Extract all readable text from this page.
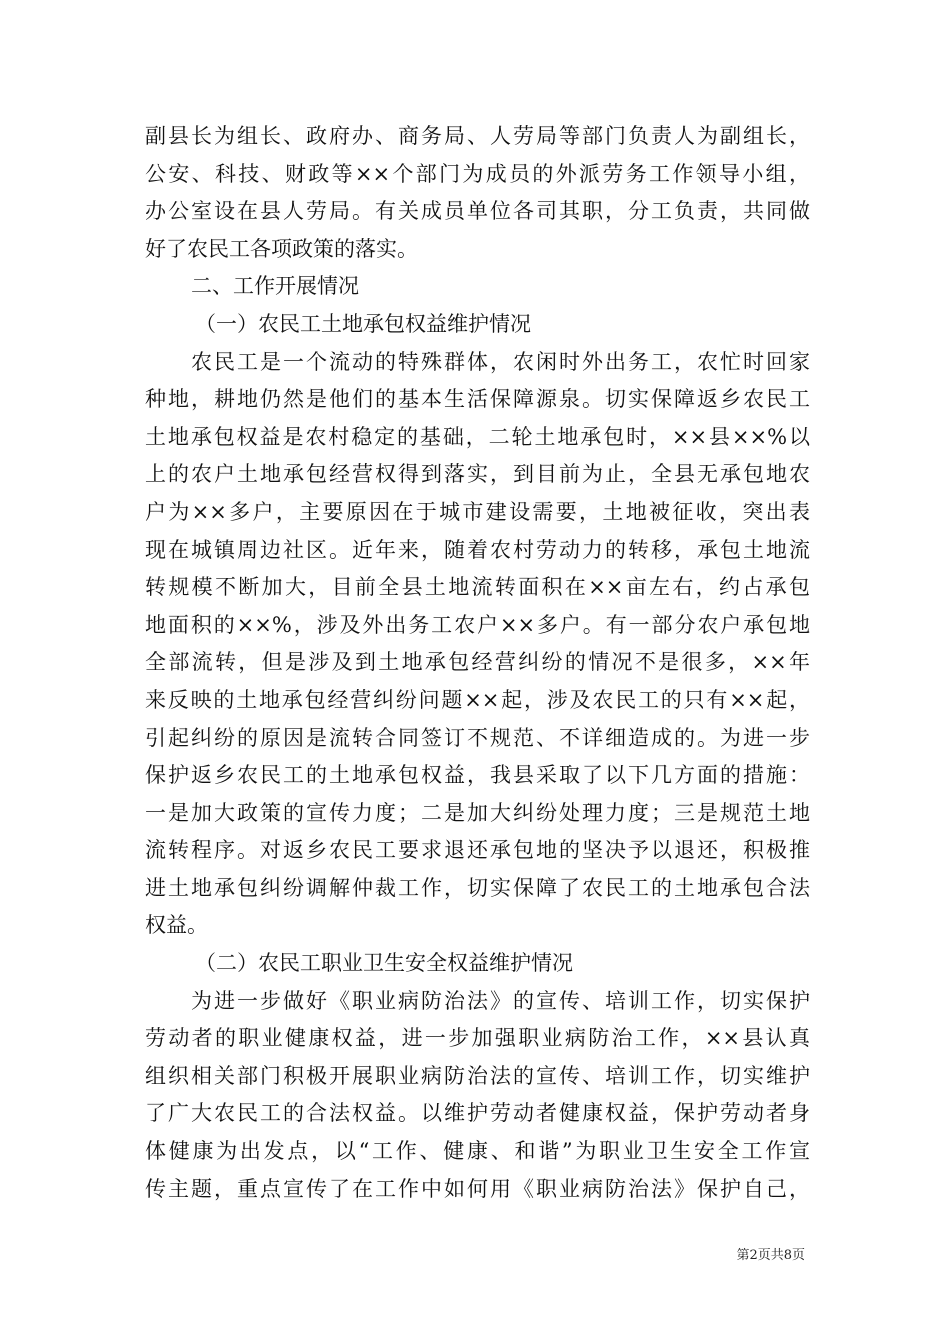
副县长为组长、政府办、商务局、人劳局等部门负责人为副组长，
公安、科技、财政等××个部门为成员的外派劳务工作领导小组，
办公室设在县人劳局。有关成员单位各司其职，分工负责，共同做
好了农民工各项政策的落实。
二、工作开展情况
（一）农民工土地承包权益维护情况
农民工是一个流动的特殊群体，农闲时外出务工，农忙时回家
种地，耕地仍然是他们的基本生活保障源泉。切实保障返乡农民工
土地承包权益是农村稳定的基础，二轮土地承包时，××县××%以
上的农户土地承包经营权得到落实，到目前为止，全县无承包地农
户为××多户，主要原因在于城市建设需要，土地被征收，突出表
现在城镇周边社区。近年来，随着农村劳动力的转移，承包土地流
转规模不断加大，目前全县土地流转面积在××亩左右，约占承包
地面积的××%，涉及外出务工农户××多户。有一部分农户承包地
全部流转，但是涉及到土地承包经营纠纷的情况不是很多，××年
来反映的土地承包经营纠纷问题××起，涉及农民工的只有××起，
引起纠纷的原因是流转合同签订不规范、不详细造成的。为进一步
保护返乡农民工的土地承包权益，我县采取了以下几方面的措施：
一是加大政策的宣传力度；二是加大纠纷处理力度；三是规范土地
流转程序。对返乡农民工要求退还承包地的坚决予以退还，积极推
进土地承包纠纷调解仲裁工作，切实保障了农民工的土地承包合法
权益。
（二）农民工职业卫生安全权益维护情况
为进一步做好《职业病防治法》的宣传、培训工作，切实保护
劳动者的职业健康权益，进一步加强职业病防治工作，××县认真
组织相关部门积极开展职业病防治法的宣传、培训工作，切实维护
了广大农民工的合法权益。以维护劳动者健康权益，保护劳动者身
体健康为出发点，以“工作、健康、和谐”为职业卫生安全工作宣
传主题，重点宣传了在工作中如何用《职业病防治法》保护自己，
第2页共8页
